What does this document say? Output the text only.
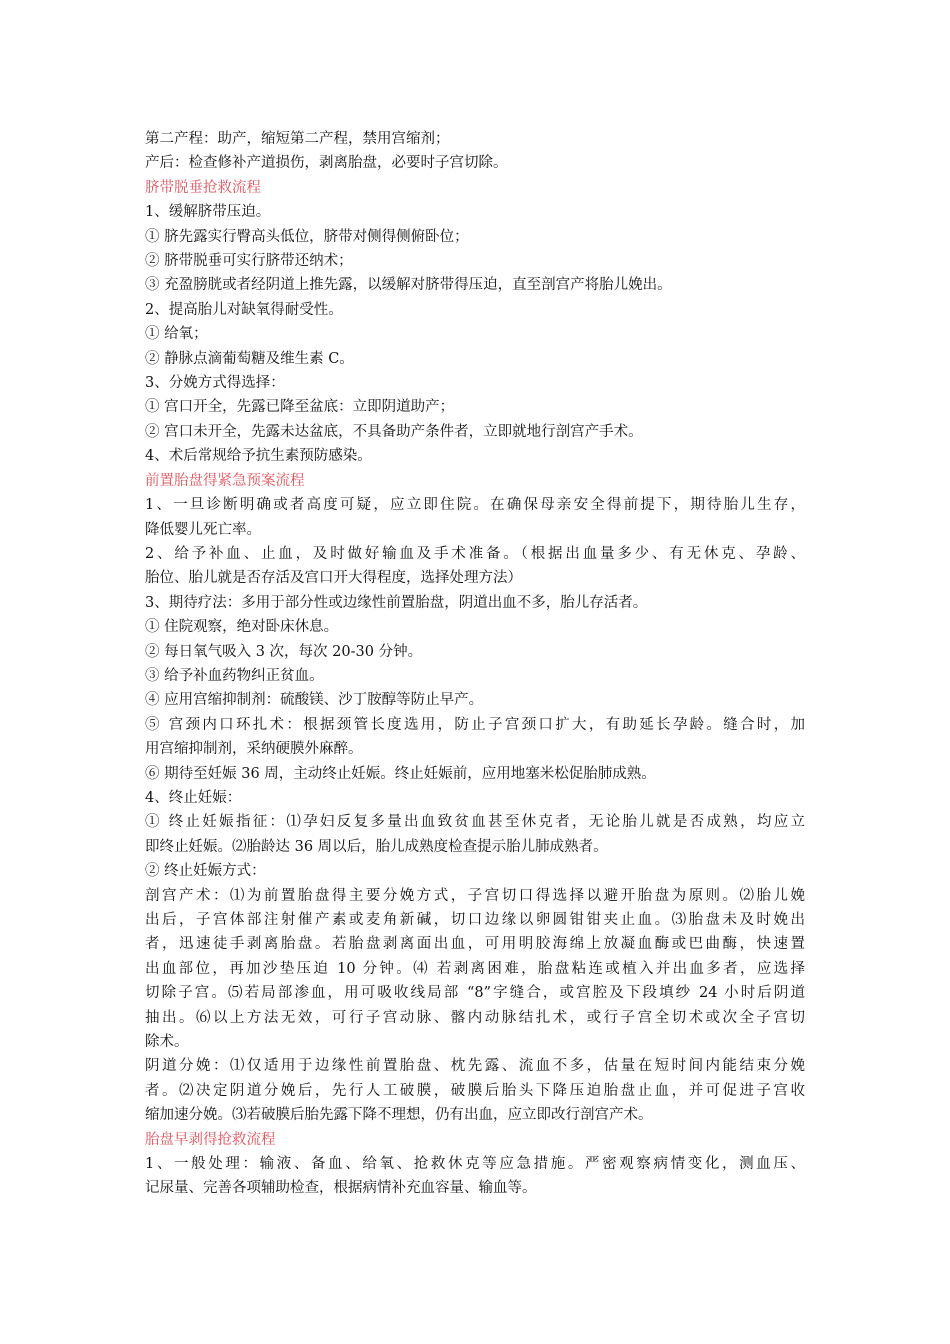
第二产程：助产，缩短第二产程，禁用宫缩剂；
产后：检查修补产道损伤，剥离胎盘，必要时子宫切除。
脐带脱垂抢救流程
1、缓解脐带压迫。
① 脐先露实行臀高头低位，脐带对侧得侧俯卧位；
② 脐带脱垂可实行脐带还纳术；
③ 充盈膀胱或者经阴道上推先露，以缓解对脐带得压迫，直至剖宫产将胎儿娩出。
2、提高胎儿对缺氧得耐受性。
① 给氧；
② 静脉点滴葡萄糖及维生素 C。
3、分娩方式得选择：
① 宫口开全，先露已降至盆底：立即阴道助产；
② 宫口未开全，先露未达盆底，不具备助产条件者，立即就地行剖宫产手术。
4、术后常规给予抗生素预防感染。
前置胎盘得紧急预案流程
1、一旦诊断明确或者高度可疑，应立即住院。在确保母亲安全得前提下，期待胎儿生存，
降低婴儿死亡率。
2、给予补血、止血，及时做好输血及手术准备。（根据出血量多少、有无休克、孕龄、
胎位、胎儿就是否存活及宫口开大得程度，选择处理方法）
3、期待疗法：多用于部分性或边缘性前置胎盘，阴道出血不多，胎儿存活者。
① 住院观察，绝对卧床休息。
② 每日氧气吸入 3 次，每次 20-30 分钟。
③ 给予补血药物纠正贫血。
④ 应用宫缩抑制剂：硫酸镁、沙丁胺醇等防止早产。
⑤ 宫颈内口环扎术：根据颈管长度选用，防止子宫颈口扩大，有助延长孕龄。缝合时，加
用宫缩抑制剂，采纳硬膜外麻醉。
⑥ 期待至妊娠 36 周，主动终止妊娠。终止妊娠前，应用地塞米松促胎肺成熟。
4、终止妊娠：
① 终止妊娠指征：⑴孕妇反复多量出血致贫血甚至休克者，无论胎儿就是否成熟，均应立
即终止妊娠。⑵胎龄达 36 周以后，胎儿成熟度检查提示胎儿肺成熟者。
② 终止妊娠方式：
剖宫产术：⑴为前置胎盘得主要分娩方式，子宫切口得选择以避开胎盘为原则。⑵胎儿娩
出后，子宫体部注射催产素或麦角新碱，切口边缘以卵圆钳钳夹止血。⑶胎盘未及时娩出
者，迅速徒手剥离胎盘。若胎盘剥离面出血，可用明胶海绵上放凝血酶或巴曲酶，快速置
出血部位，再加沙垫压迫 10 分钟。⑷ 若剥离困难，胎盘粘连或植入并出血多者，应选择
切除子宫。⑸若局部渗血，用可吸收线局部 “8”字缝合，或宫腔及下段填纱 24 小时后阴道
抽出。⑹以上方法无效，可行子宫动脉、髂内动脉结扎术，或行子宫全切术或次全子宫切
除术。
阴道分娩：⑴仅适用于边缘性前置胎盘、枕先露、流血不多，估量在短时间内能结束分娩
者。⑵决定阴道分娩后，先行人工破膜，破膜后胎头下降压迫胎盘止血，并可促进子宫收
缩加速分娩。⑶若破膜后胎先露下降不理想，仍有出血，应立即改行剖宫产术。
胎盘早剥得抢救流程
1、一般处理：输液、备血、给氧、抢救休克等应急措施。严密观察病情变化，测血压、
记尿量、完善各项辅助检查，根据病情补充血容量、输血等。
